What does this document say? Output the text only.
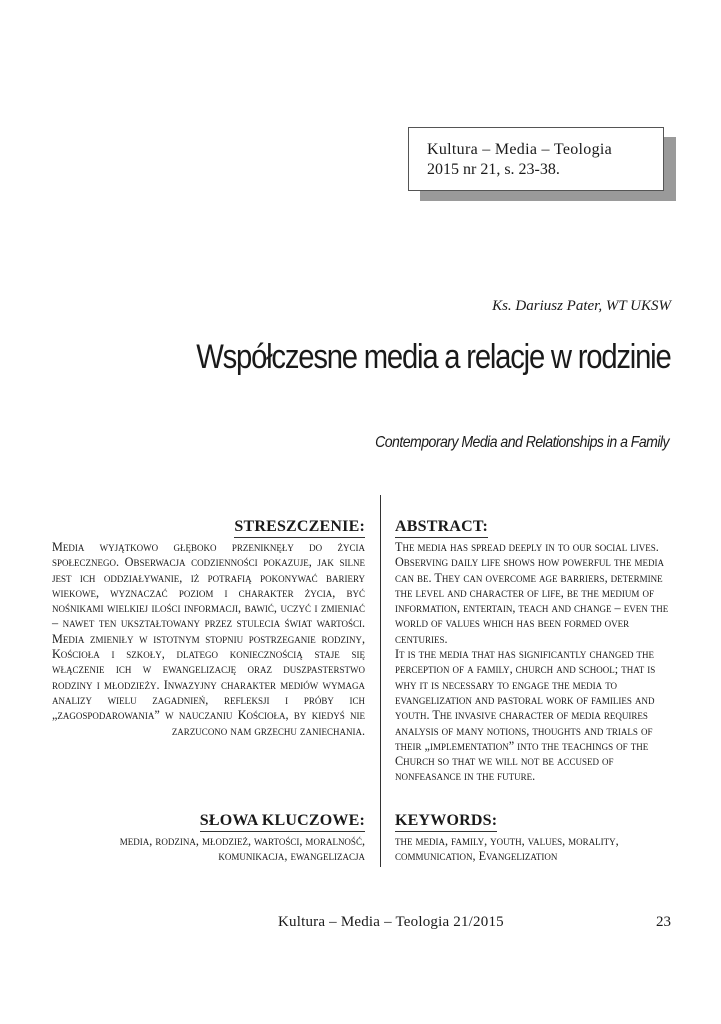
Kultura – Media – Teologia
2015 nr 21, s. 23-38.
Ks. Dariusz Pater, WT UKSW
Współczesne media a relacje w rodzinie
Contemporary Media and Relationships in a Family
STRESZCZENIE:

Media wyjątkowo głęboko przeniknęły do życia społecznego. Obserwacja codzienności pokazuje, jak silne jest ich oddziaływanie, iż potrafią pokonywać bariery wiekowe, wyznaczać poziom i charakter życia, być nośnikami wielkiej ilości informacji, bawić, uczyć i zmieniać – nawet ten ukształtowany przez stulecia świat wartości. Media zmieniły w istotnym stopniu postrzeganie rodziny, Kościoła i szkoły, dlatego koniecznością staje się włączenie ich w ewangelizację oraz duszpasterstwo rodziny i młodzieży. Inwazyjny charakter mediów wymaga analizy wielu zagadnień, refleksji i próby ich „zagospodarowania” w nauczaniu Kościoła, by kiedyś nie zarzucono nam grzechu zaniechania.

ABSTRACT:

The media has spread deeply in to our social lives. Observing daily life shows how powerful the media can be. They can overcome age barriers, determine the level and character of life, be the medium of information, entertain, teach and change – even the world of values which has been formed over centuries.

It is the media that has significantly changed the perception of a family, church and school; that is why it is necessary to engage the media to evangelization and pastoral work of families and youth. The invasive character of media requires analysis of many notions, thoughts and trials of their „implementation” into the teachings of the Church so that we will not be accused of nonfeasance in the future.

SŁOWA KLUCZOWE:
media, rodzina, młodzież, wartości, moralność, komunikacja, ewangelizacja
KEYWORDS:
the media, family, youth, values, morality, communication, Evangelization
Kultura – Media – Teologia 21/2015	23
